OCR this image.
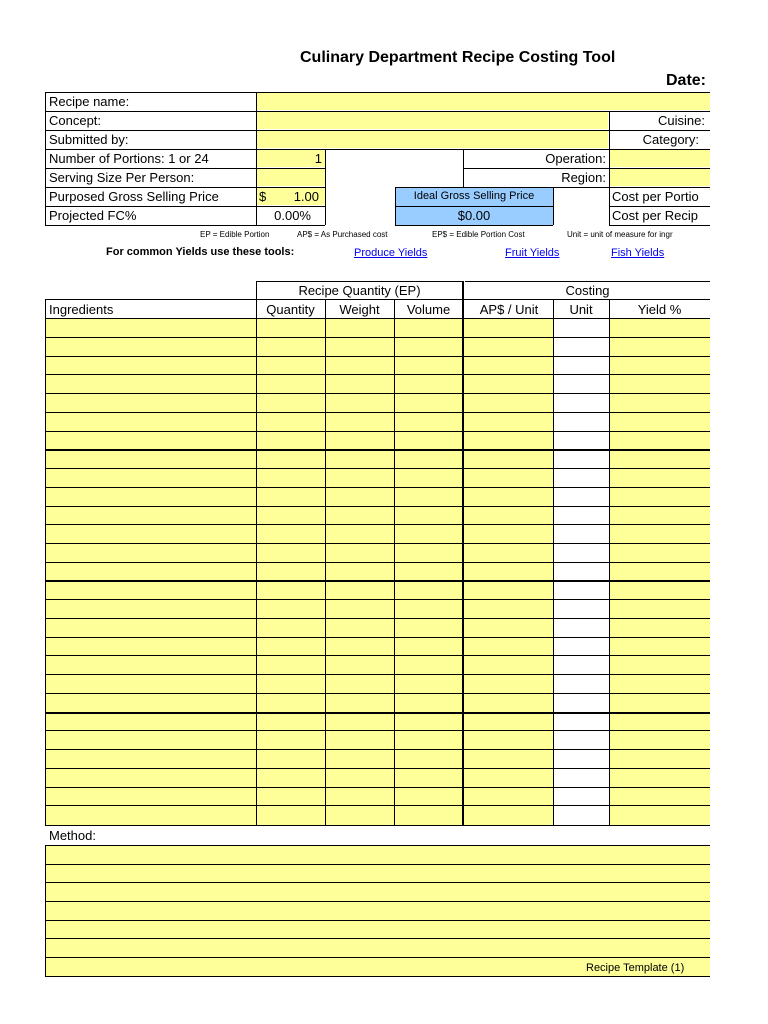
Culinary Department Recipe Costing Tool
Date:
Recipe name:
Concept:
Submitted by:
Number of Portions: 1 or 24	1
Serving Size Per Person:
Purposed Gross Selling Price	$	1.00
Projected FC%	0.00%
Cuisine:
Category:
Operation:
Region:
Ideal Gross Selling Price
$0.00
Cost per Portio
Cost per Recip
EP = Edible Portion	AP$ = As Purchased cost	EP$ = Edible Portion Cost	Unit = unit of measure for ingr
For common Yields use these tools:	Produce Yields	Fruit Yields	Fish Yields
Recipe Quantity (EP)	Costing
Ingredients	Quantity	Weight	Volume	AP$ / Unit	Unit	Yield %
Method:
Recipe Template (1)
